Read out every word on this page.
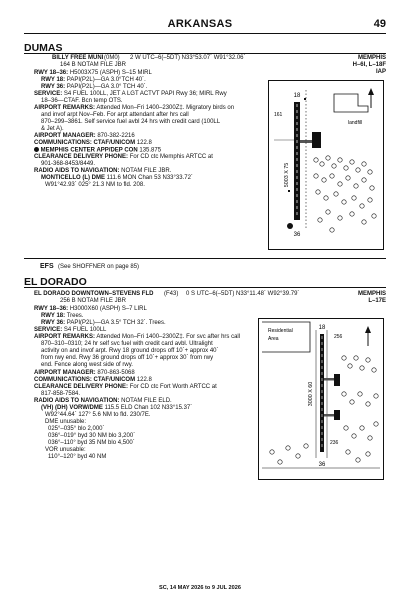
ARKANSAS	49
DUMAS
BILLY FREE MUNI (0M0) 2 W UTC–6(–5DT) N33°53.07´ W91°32.06´	MEMPHIS
164 B NOTAM FILE JBR	H–6I, L–18F
IAP
RWY 18–36: H5003X75 (ASPH) S–15 MIRL
RWY 18: PAPI(P2L)—GA 3.0°TCH 40´.
RWY 36: PAPI(P2L)—GA 3.0° TCH 40´.
SERVICE: S4 FUEL 100LL, JET A LGT ACTVT PAPI Rwy 36; MIRL Rwy
18–36—CTAF. Bcn temp OTS.
AIRPORT REMARKS: Attended Mon–Fri 1400–2300Z‡. Migratory birds on
and invof arpt Nov–Feb. For arpt attendant after hrs call
870–299–3861. Self service fuel avbl 24 hrs with credit card (100LL
& Jet A).
AIRPORT MANAGER: 870-382-2216
COMMUNICATIONS: CTAF/UNICOM 122.8
MEMPHIS CENTER APP/DEP CON 135.875
CLEARANCE DELIVERY PHONE: For CD ctc Memphis ARTCC at
901-368-8453/8449.
RADIO AIDS TO NAVIGATION: NOTAM FILE JBR.
MONTICELLO (L) DME 111.6 MON Chan 53 N33°33.72´
W91°42.93´ 025° 21.3 NM to fld. 208.
18
36
161
5003 X 75
landfill
EFS (See SHOFFNER on page 85)
EL DORADO
EL DORADO DOWNTOWN–STEVENS FLD (F43) 0 S UTC–6(–5DT) N33°11.48´ W92°39.79´	MEMPHIS
256 B NOTAM FILE JBR	L–17E
RWY 18–36: H3000X60 (ASPH) S–7 LIRL
RWY 18: Trees.
RWY 36: PAPI(P2L)—GA 3.5° TCH 32´. Trees.
SERVICE: S4 FUEL 100LL
AIRPORT REMARKS: Attended Mon–Fri 1400–2300Z‡. For svc after hrs call
870–310–0310; 24 hr self svc fuel with credit card avbl. Ultralight
activity on and invof arpt. Rwy 18 ground drops off 10´+ approx 40´
from rwy end. Rwy 36 ground drops off 10´+ approx 30´ from rwy
end. Fence along west side of rwy.
AIRPORT MANAGER: 870-863-5068
COMMUNICATIONS: CTAF/UNICOM 122.8
CLEARANCE DELIVERY PHONE: For CD ctc Fort Worth ARTCC at
817-858-7584.
RADIO AIDS TO NAVIGATION: NOTAM FILE ELD.
(VH) (DH) VORW/DME 115.5 ELD Chan 102 N33°15.37´
W92°44.64´ 127° 5.6 NM to fld. 230/7E.
DME unusable:
025°–035° blo 2,000´
036°–019° byd 30 NM blo 3,200´
036°–110° byd 35 NM blo 4,500´
VOR unusable:
110°–120° byd 40 NM
18
36
Residential
Area	256
236
3000 X 60
SC, 14 MAY 2026 to 9 JUL 2026
